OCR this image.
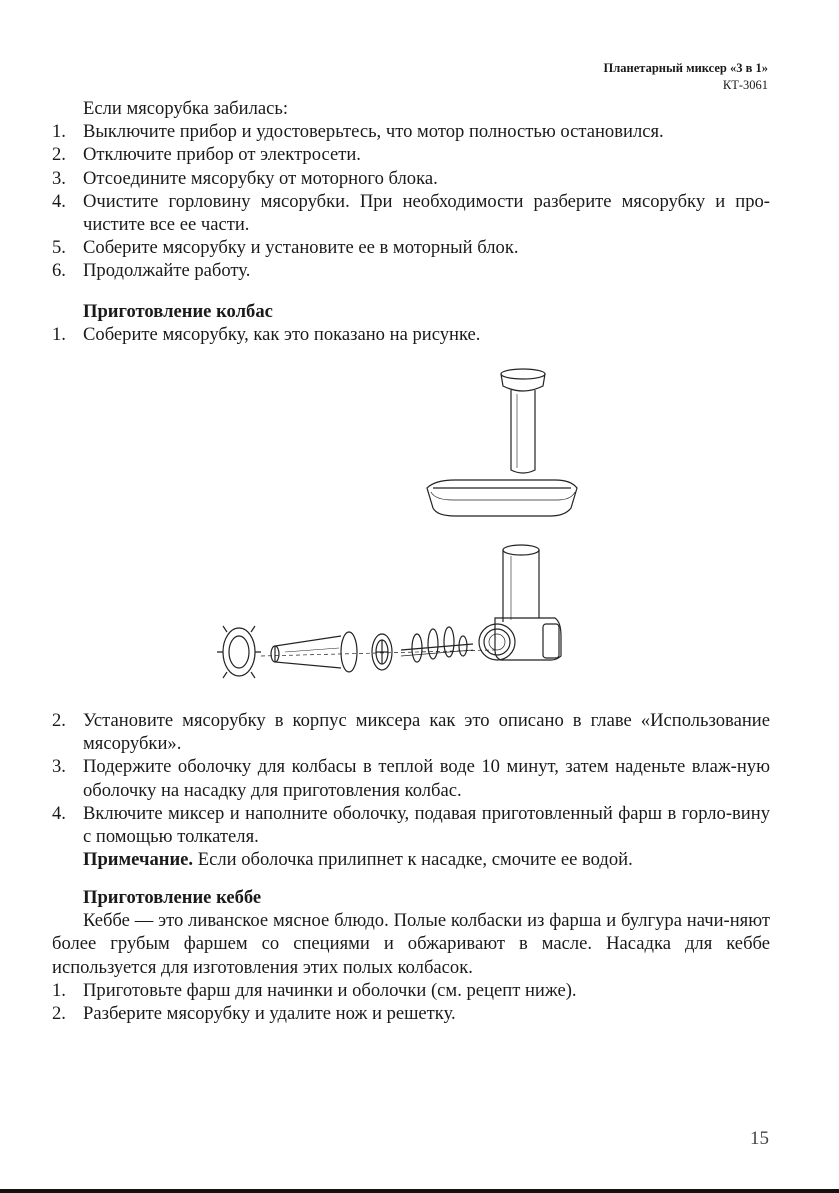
Планетарный миксер «3 в 1»
КТ-3061
Если мясорубка забилась:
1. Выключите прибор и удостоверьтесь, что мотор полностью остановился.
2. Отключите прибор от электросети.
3. Отсоедините мясорубку от моторного блока.
4. Очистите горловину мясорубки. При необходимости разберите мясорубку и про-чистите все ее части.
5. Соберите мясорубку и установите ее в моторный блок.
6. Продолжайте работу.
Приготовление колбас
1. Соберите мясорубку, как это показано на рисунке.
2. Установите мясорубку в корпус миксера как это описано в главе «Использование мясорубки».
3. Подержите оболочку для колбасы в теплой воде 10 минут, затем наденьте влаж-ную оболочку на насадку для приготовления колбас.
4. Включите миксер и наполните оболочку, подавая приготовленный фарш в горло-вину с помощью толкателя.
Примечание. Если оболочка прилипнет к насадке, смочите ее водой.
Приготовление кеббе
Кеббе — это ливанское мясное блюдо. Полые колбаски из фарша и булгура начи-няют более грубым фаршем со специями и обжаривают в масле. Насадка для кеббе используется для изготовления этих полых колбасок.
1. Приготовьте фарш для начинки и оболочки (см. рецепт ниже).
2. Разберите мясорубку и удалите нож и решетку.
15
